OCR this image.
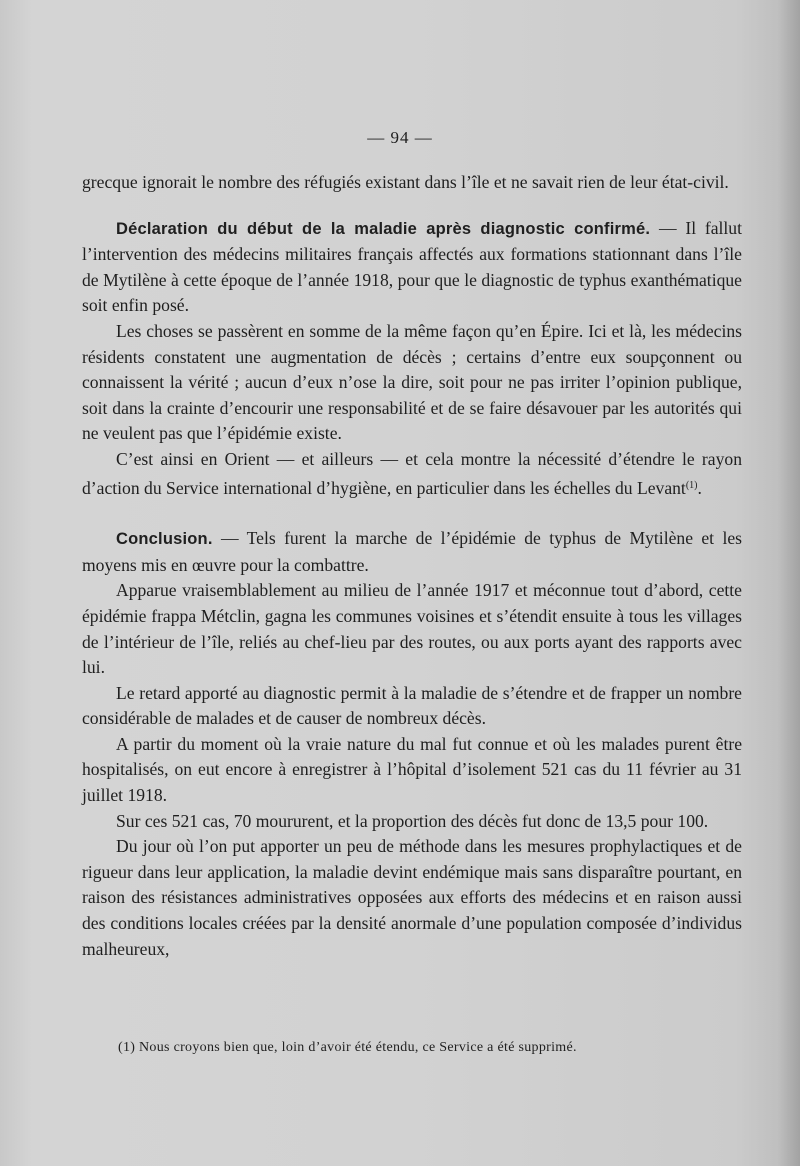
— 94 —

grecque ignorait le nombre des réfugiés existant dans l’île et ne savait rien de leur état-civil.

Déclaration du début de la maladie après diagnostic confirmé. — Il fallut l’intervention des médecins militaires français affectés aux formations stationnant dans l’île de Mytilène à cette époque de l’année 1918, pour que le diagnostic de typhus exanthématique soit enfin posé.

Les choses se passèrent en somme de la même façon qu’en Épire. Ici et là, les médecins résidents constatent une augmentation de décès ; certains d’entre eux soupçonnent ou connaissent la vérité ; aucun d’eux n’ose la dire, soit pour ne pas irriter l’opinion publique, soit dans la crainte d’encourir une responsabilité et de se faire désavouer par les autorités qui ne veulent pas que l’épidémie existe.

C’est ainsi en Orient — et ailleurs — et cela montre la nécessité d’étendre le rayon d’action du Service international d’hygiène, en particulier dans les échelles du Levant$^{(1)}$.

Conclusion. — Tels furent la marche de l’épidémie de typhus de Mytilène et les moyens mis en œuvre pour la combattre.

Apparue vraisemblablement au milieu de l’année 1917 et méconnue tout d’abord, cette épidémie frappa Métclin, gagna les communes voisines et s’étendit ensuite à tous les villages de l’intérieur de l’île, reliés au chef-lieu par des routes, ou aux ports ayant des rapports avec lui.

Le retard apporté au diagnostic permit à la maladie de s’étendre et de frapper un nombre considérable de malades et de causer de nombreux décès.

A partir du moment où la vraie nature du mal fut connue et où les malades purent être hospitalisés, on eut encore à enregistrer à l’hôpital d’isolement 521 cas du 11 février au 31 juillet 1918.

Sur ces 521 cas, 70 moururent, et la proportion des décès fut donc de 13,5 pour 100.

Du jour où l’on put apporter un peu de méthode dans les mesures prophylactiques et de rigueur dans leur application, la maladie devint endémique mais sans disparaître pourtant, en raison des résistances administratives opposées aux efforts des médecins et en raison aussi des conditions locales créées par la densité anormale d’une population composée d’individus malheureux,

(1) Nous croyons bien que, loin d’avoir été étendu, ce Service a été supprimé.
